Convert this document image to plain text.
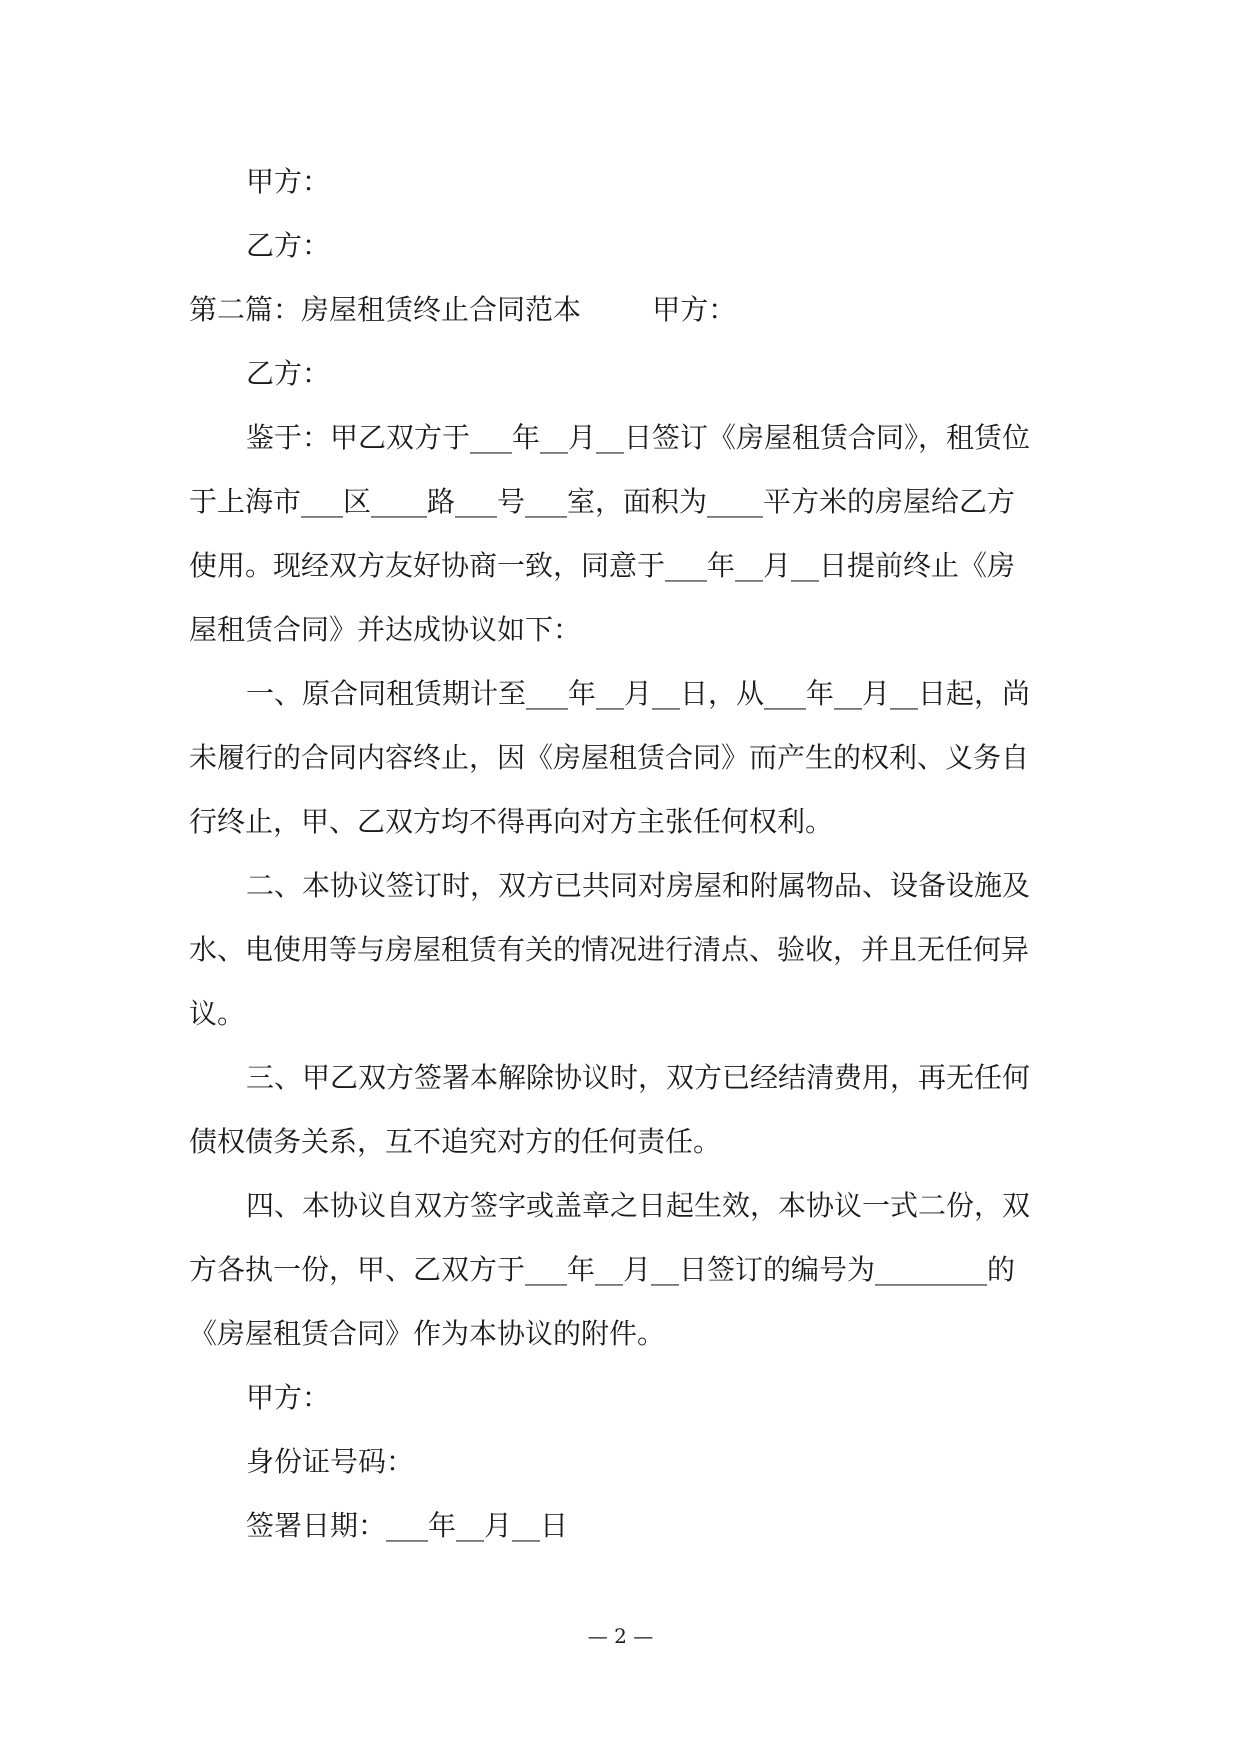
甲方：
乙方：
第二篇：房屋租赁终止合同范本        甲方：
乙方：
鉴于：甲乙双方于___年__月__日签订《房屋租赁合同》，租赁位
于上海市___区____路___号___室，面积为____平方米的房屋给乙方
使用。现经双方友好协商一致，同意于___年__月__日提前终止《房
屋租赁合同》并达成协议如下：
一、原合同租赁期计至___年__月__日，从___年__月__日起，尚
未履行的合同内容终止，因《房屋租赁合同》而产生的权利、义务自
行终止，甲、乙双方均不得再向对方主张任何权利。
二、本协议签订时，双方已共同对房屋和附属物品、设备设施及
水、电使用等与房屋租赁有关的情况进行清点、验收，并且无任何异
议。
三、甲乙双方签署本解除协议时，双方已经结清费用，再无任何
债权债务关系，互不追究对方的任何责任。
四、本协议自双方签字或盖章之日起生效，本协议一式二份，双
方各执一份，甲、乙双方于___年__月__日签订的编号为________的
《房屋租赁合同》作为本协议的附件。
甲方：
身份证号码：
签署日期：___年__月__日
— 2 —
